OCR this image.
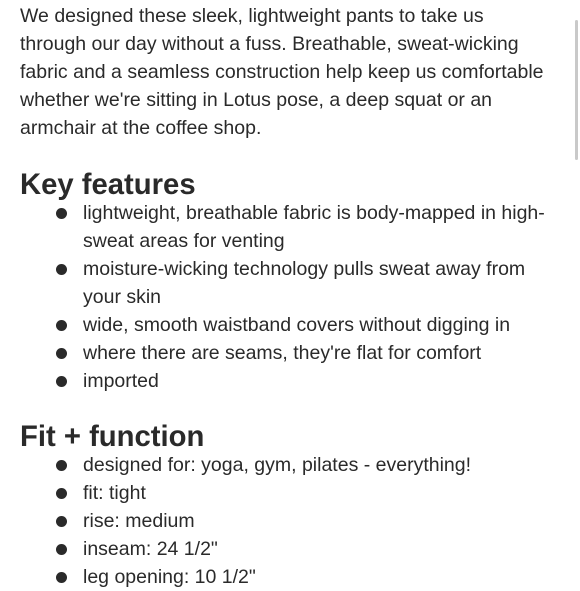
We designed these sleek, lightweight pants to take us through our day without a fuss. Breathable, sweat-wicking fabric and a seamless construction help keep us comfortable whether we're sitting in Lotus pose, a deep squat or an armchair at the coffee shop.

Key features
lightweight, breathable fabric is body-mapped in high-sweat areas for venting
moisture-wicking technology pulls sweat away from your skin
wide, smooth waistband covers without digging in
where there are seams, they're flat for comfort
imported
Fit + function
designed for: yoga, gym, pilates - everything!
fit: tight
rise: medium
inseam: 24 1/2"
leg opening: 10 1/2"
